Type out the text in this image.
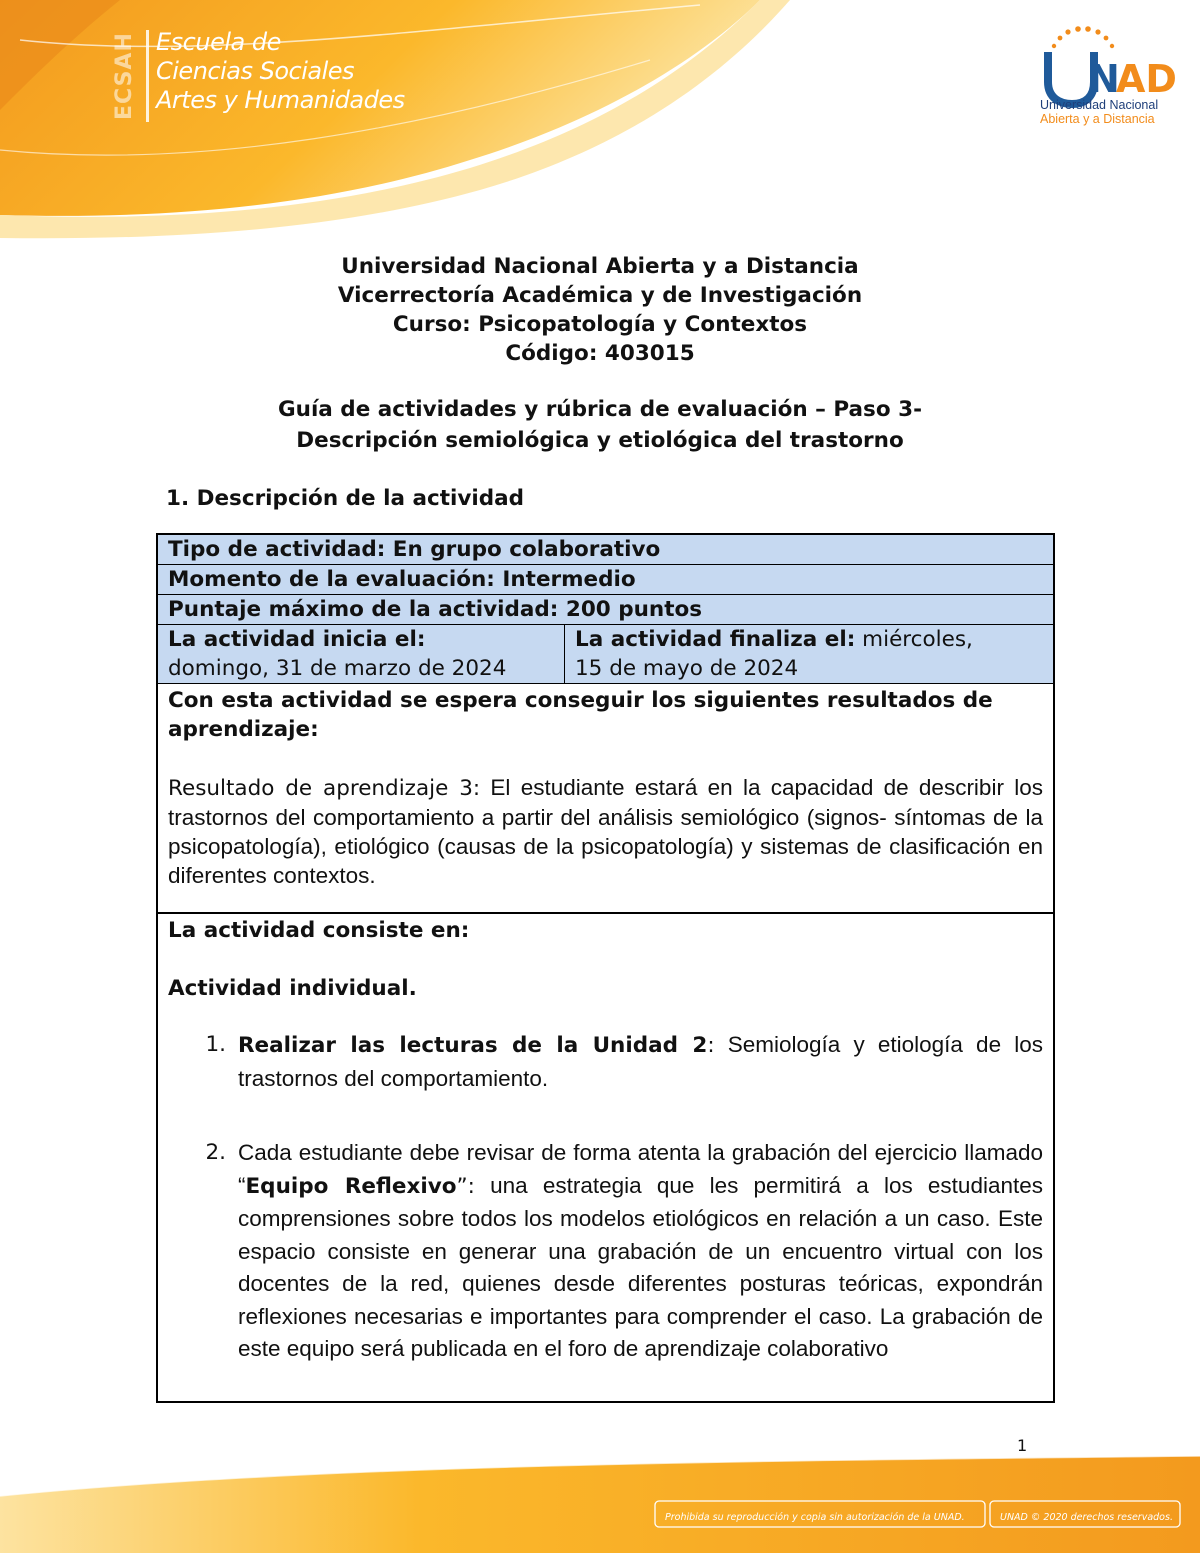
ECSAH Escuela de
Ciencias Sociales
Artes y Humanidades	N
AD
Universidad Nacional
Abierta y a Distancia
Universidad Nacional Abierta y a Distancia
Vicerrectoría Académica y de Investigación
Curso: Psicopatología y Contextos
Código: 403015
Guía de actividades y rúbrica de evaluación – Paso 3-
Descripción semiológica y etiológica del trastorno
1. Descripción de la actividad
Tipo de actividad: En grupo colaborativo
Momento de la evaluación: Intermedio
Puntaje máximo de la actividad: 200 puntos
La actividad inicia el:
domingo, 31 de marzo de 2024
La actividad finaliza el: miércoles,
15 de mayo de 2024
Con esta actividad se espera conseguir los siguientes resultados de aprendizaje:
Resultado de aprendizaje 3: El estudiante estará en la capacidad de describir los trastornos del comportamiento a partir del análisis semiológico (signos- síntomas de la psicopatología), etiológico (causas de la psicopatología) y sistemas de clasificación en diferentes contextos.
La actividad consiste en:
Actividad individual.
1. Realizar las lecturas de la Unidad 2: Semiología y etiología de los trastornos del comportamiento.
2. Cada estudiante debe revisar de forma atenta la grabación del ejercicio llamado “Equipo Reflexivo”: una estrategia que les permitirá a los estudiantes comprensiones sobre todos los modelos etiológicos en relación a un caso. Este espacio consiste en generar una grabación de un encuentro virtual con los docentes de la red, quienes desde diferentes posturas teóricas, expondrán reflexiones necesarias e importantes para comprender el caso. La grabación de este equipo será publicada en el foro de aprendizaje colaborativo
1
Prohibida su reproducción y copia sin autorización de la UNAD.	UNAD © 2020 derechos reservados.
